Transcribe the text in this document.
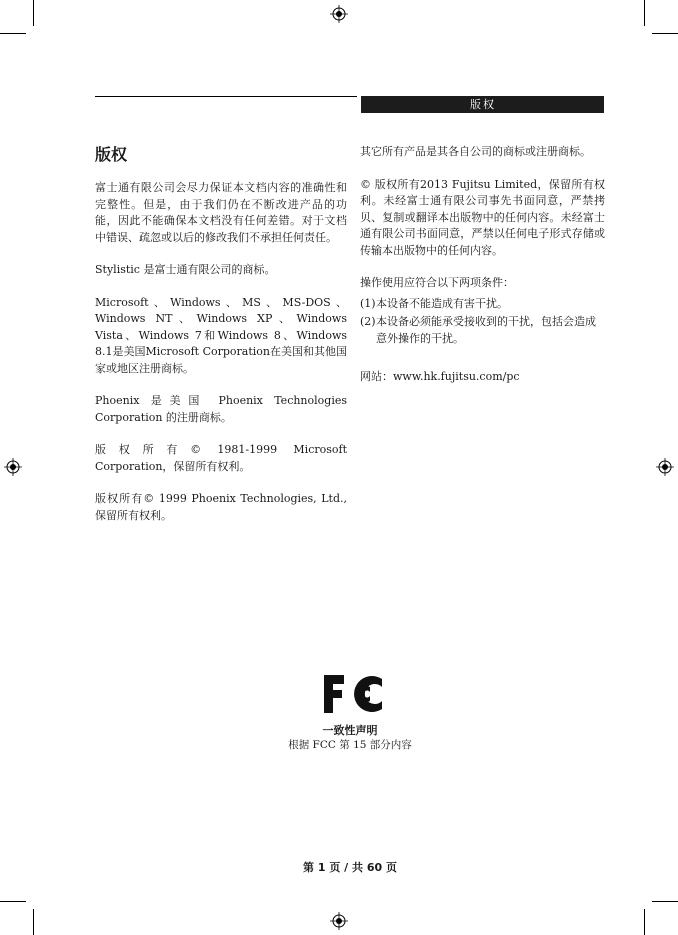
版权
版权

富士通有限公司会尽力保证本文档内容的准确性和完整性。但是，由于我们仍在不断改进产品的功能，因此不能确保本文档没有任何差错。对于文档中错误、疏忽或以后的修改我们不承担任何责任。

Stylistic 是富士通有限公司的商标。

Microsoft、Windows、MS、MS-DOS、Windows NT、Windows XP、Windows Vista、Windows 7和Windows 8、Windows 8.1是美国Microsoft Corporation在美国和其他国家或地区注册商标。

Phoenix 是美国 Phoenix Technologies Corporation 的注册商标。

版权所有© 1981-1999 Microsoft Corporation，保留所有权利。

版权所有© 1999 Phoenix Technologies, Ltd., 保留所有权利。

其它所有产品是其各自公司的商标或注册商标。

© 版权所有2013 Fujitsu Limited，保留所有权利。未经富士通有限公司事先书面同意，严禁拷贝、复制或翻译本出版物中的任何内容。未经富士通有限公司书面同意，严禁以任何电子形式存储或传输本出版物中的任何内容。

操作使用应符合以下两项条件：

(1) 本设备不能造成有害干扰。
(2) 本设备必须能承受接收到的干扰，包括会造成意外操作的干扰。

网站：www.hk.fujitsu.com/pc

一致性声明
根据 FCC 第 15 部分内容
第 1 页 / 共 60 页
